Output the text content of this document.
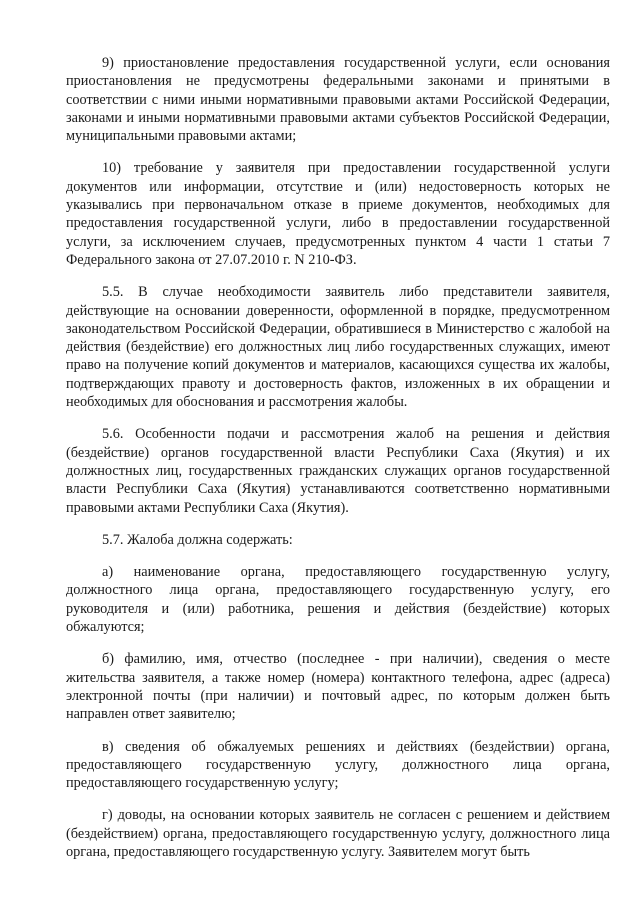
9) приостановление предоставления государственной услуги, если основания приостановления не предусмотрены федеральными законами и принятыми в соответствии с ними иными нормативными правовыми актами Российской Федерации, законами и иными нормативными правовыми актами субъектов Российской Федерации, муниципальными правовыми актами;

10) требование у заявителя при предоставлении государственной услуги документов или информации, отсутствие и (или) недостоверность которых не указывались при первоначальном отказе в приеме документов, необходимых для предоставления государственной услуги, либо в предоставлении государственной услуги, за исключением случаев, предусмотренных пунктом 4 части 1 статьи 7 Федерального закона от 27.07.2010 г. N 210-ФЗ.

5.5. В случае необходимости заявитель либо представители заявителя, действующие на основании доверенности, оформленной в порядке, предусмотренном законодательством Российской Федерации, обратившиеся в Министерство с жалобой на действия (бездействие) его должностных лиц либо государственных служащих, имеют право на получение копий документов и материалов, касающихся существа их жалобы, подтверждающих правоту и достоверность фактов, изложенных в их обращении и необходимых для обоснования и рассмотрения жалобы.

5.6. Особенности подачи и рассмотрения жалоб на решения и действия (бездействие) органов государственной власти Республики Саха (Якутия) и их должностных лиц, государственных гражданских служащих органов государственной власти Республики Саха (Якутия) устанавливаются соответственно нормативными правовыми актами Республики Саха (Якутия).

5.7. Жалоба должна содержать:

а) наименование органа, предоставляющего государственную услугу, должностного лица органа, предоставляющего государственную услугу, его руководителя и (или) работника, решения и действия (бездействие) которых обжалуются;

б) фамилию, имя, отчество (последнее - при наличии), сведения о месте жительства заявителя, а также номер (номера) контактного телефона, адрес (адреса) электронной почты (при наличии) и почтовый адрес, по которым должен быть направлен ответ заявителю;

в) сведения об обжалуемых решениях и действиях (бездействии) органа, предоставляющего государственную услугу, должностного лица органа, предоставляющего государственную услугу;

г) доводы, на основании которых заявитель не согласен с решением и действием (бездействием) органа, предоставляющего государственную услугу, должностного лица органа, предоставляющего государственную услугу. Заявителем могут быть
